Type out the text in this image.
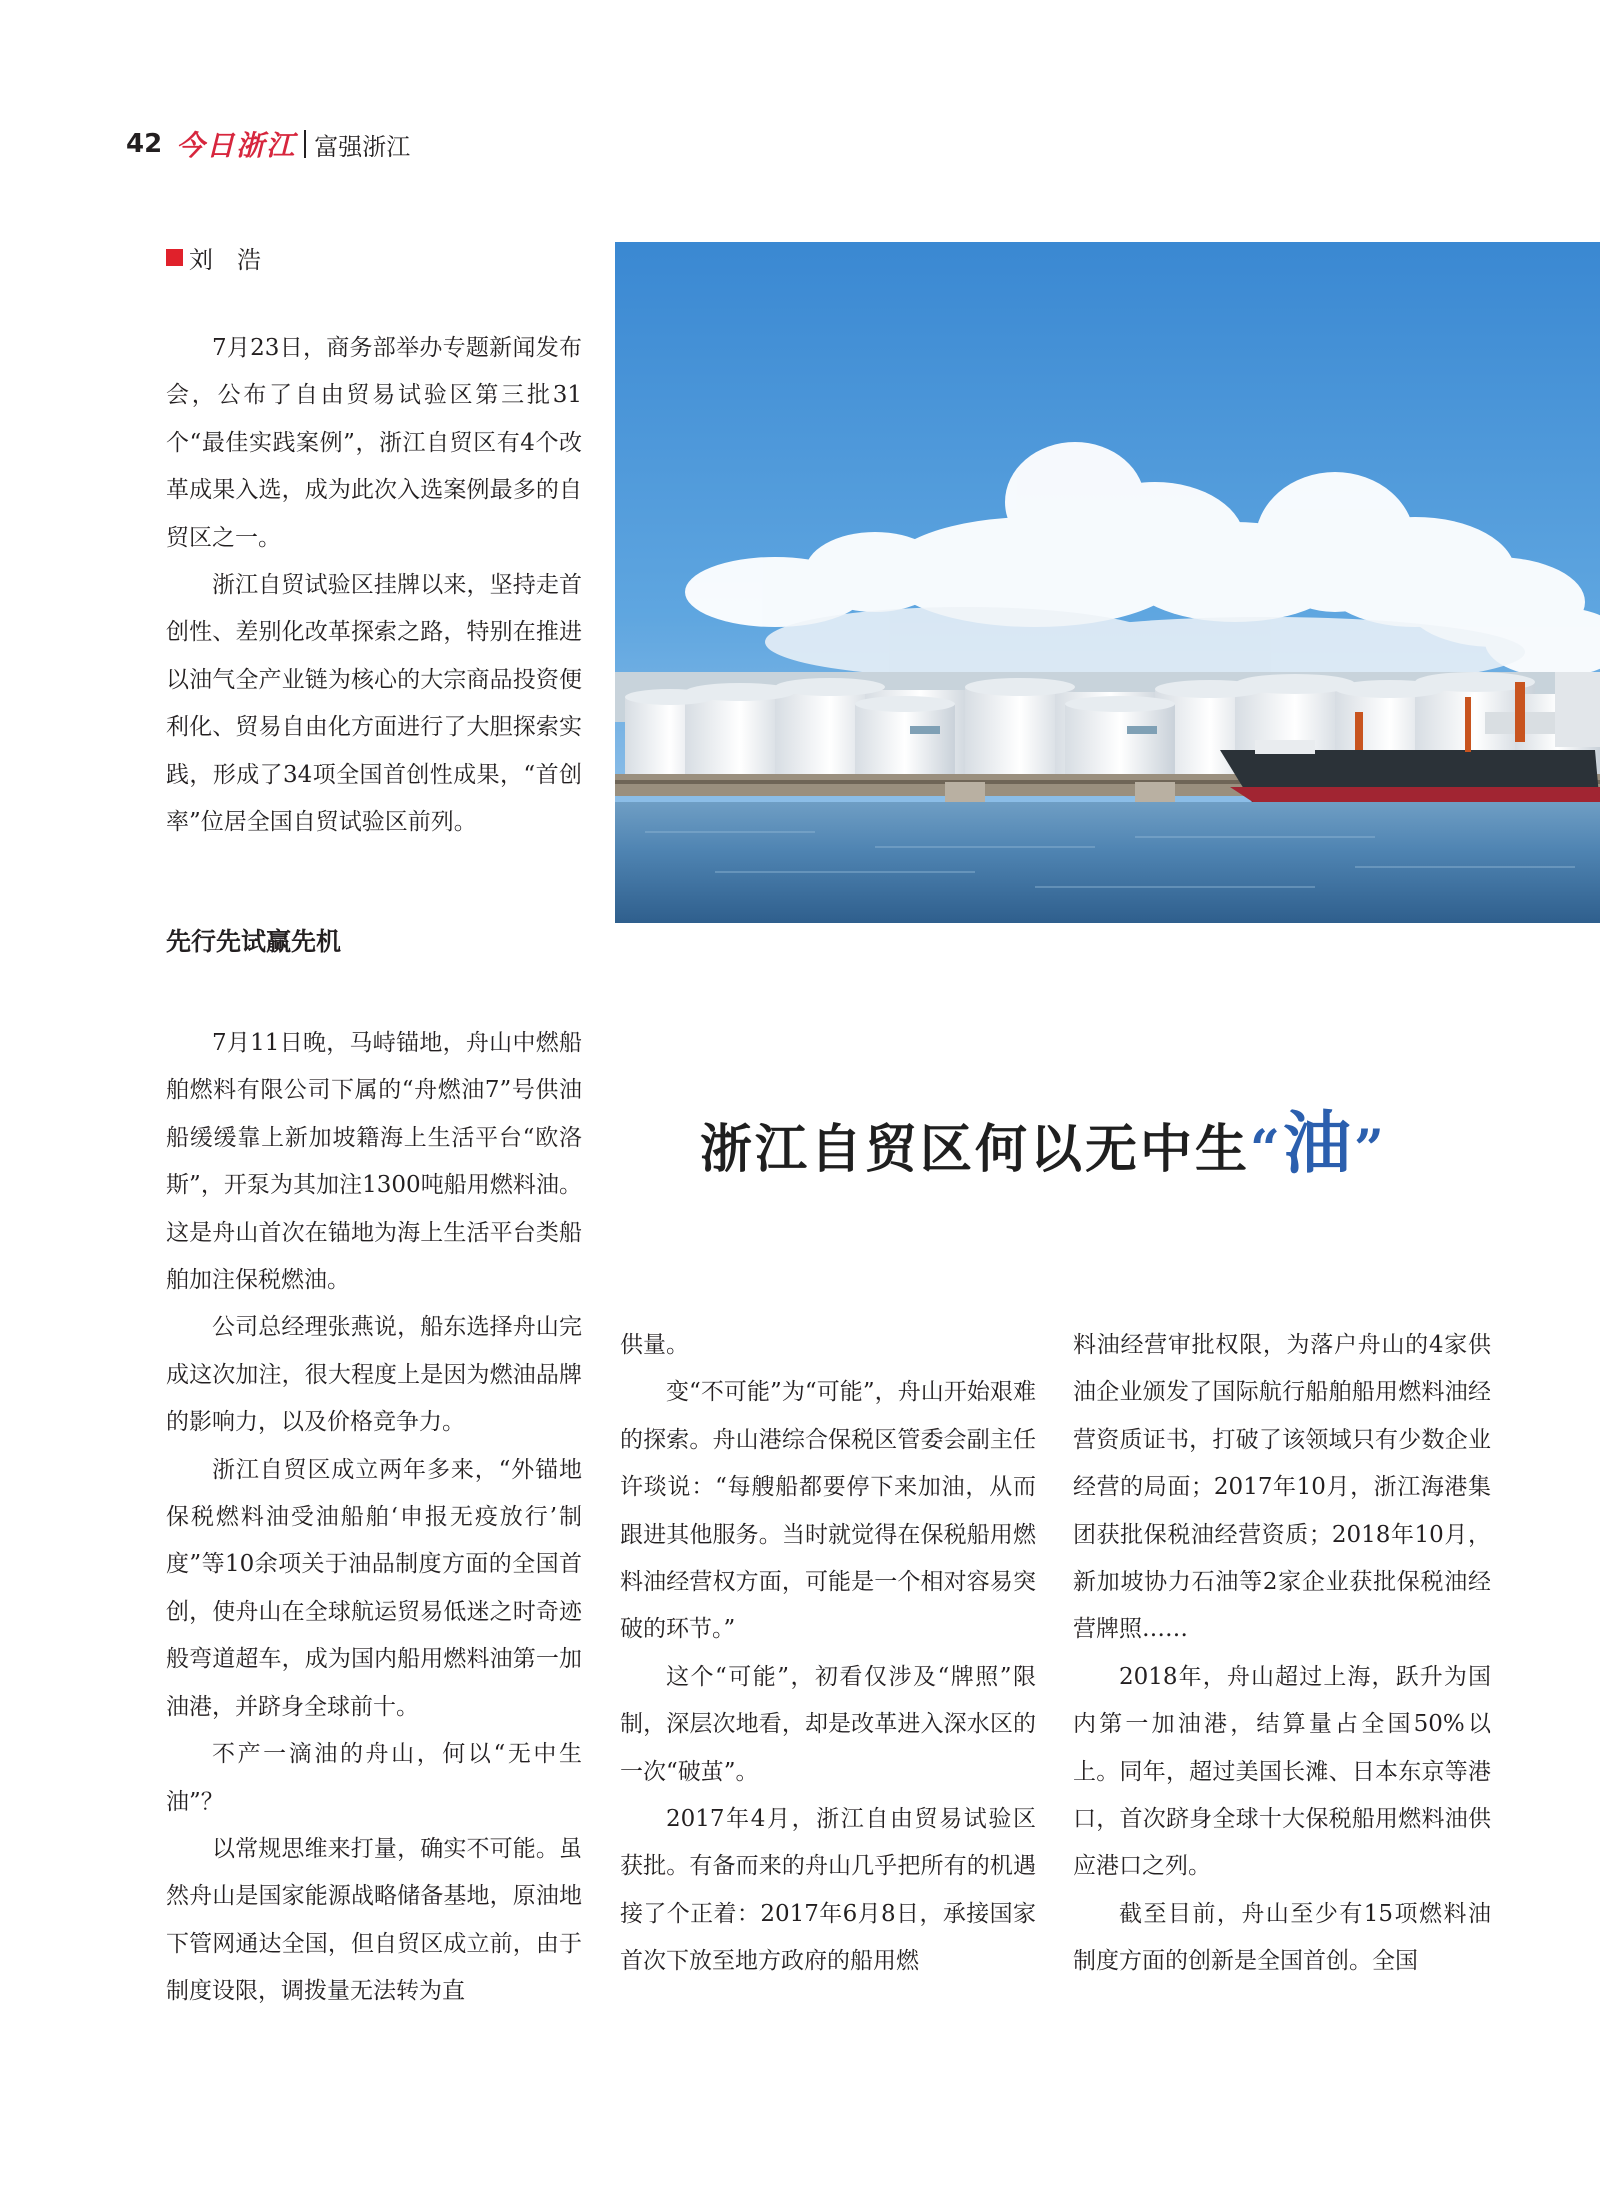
42 今日浙江 富强浙江
刘　浩

7月23日，商务部举办专题新闻发布会，公布了自由贸易试验区第三批31个“最佳实践案例”，浙江自贸区有4个改革成果入选，成为此次入选案例最多的自贸区之一。

浙江自贸试验区挂牌以来，坚持走首创性、差别化改革探索之路，特别在推进以油气全产业链为核心的大宗商品投资便利化、贸易自由化方面进行了大胆探索实践，形成了34项全国首创性成果，“首创率”位居全国自贸试验区前列。

先行先试赢先机

7月11日晚，马峙锚地，舟山中燃船舶燃料有限公司下属的“舟燃油7”号供油船缓缓靠上新加坡籍海上生活平台“欧洛斯”，开泵为其加注1300吨船用燃料油。这是舟山首次在锚地为海上生活平台类船舶加注保税燃油。

公司总经理张燕说，船东选择舟山完成这次加注，很大程度上是因为燃油品牌的影响力，以及价格竞争力。

浙江自贸区成立两年多来，“外锚地保税燃料油受油船舶‘申报无疫放行’制度”等10余项关于油品制度方面的全国首创，使舟山在全球航运贸易低迷之时奇迹般弯道超车，成为国内船用燃料油第一加油港，并跻身全球前十。

不产一滴油的舟山，何以“无中生油”？

以常规思维来打量，确实不可能。虽然舟山是国家能源战略储备基地，原油地下管网通达全国，但自贸区成立前，由于制度设限，调拨量无法转为直

浙江自贸区何以无中生“油”

供量。

变“不可能”为“可能”，舟山开始艰难的探索。舟山港综合保税区管委会副主任许琰说：“每艘船都要停下来加油，从而跟进其他服务。当时就觉得在保税船用燃料油经营权方面，可能是一个相对容易突破的环节。”

这个“可能”，初看仅涉及“牌照”限制，深层次地看，却是改革进入深水区的一次“破茧”。

2017年4月，浙江自由贸易试验区获批。有备而来的舟山几乎把所有的机遇接了个正着：2017年6月8日，承接国家首次下放至地方政府的船用燃

料油经营审批权限，为落户舟山的4家供油企业颁发了国际航行船舶船用燃料油经营资质证书，打破了该领域只有少数企业经营的局面；2017年10月，浙江海港集团获批保税油经营资质；2018年10月，新加坡协力石油等2家企业获批保税油经营牌照……

2018年，舟山超过上海，跃升为国内第一加油港，结算量占全国50%以上。同年，超过美国长滩、日本东京等港口，首次跻身全球十大保税船用燃料油供应港口之列。

截至目前，舟山至少有15项燃料油制度方面的创新是全国首创。全国
